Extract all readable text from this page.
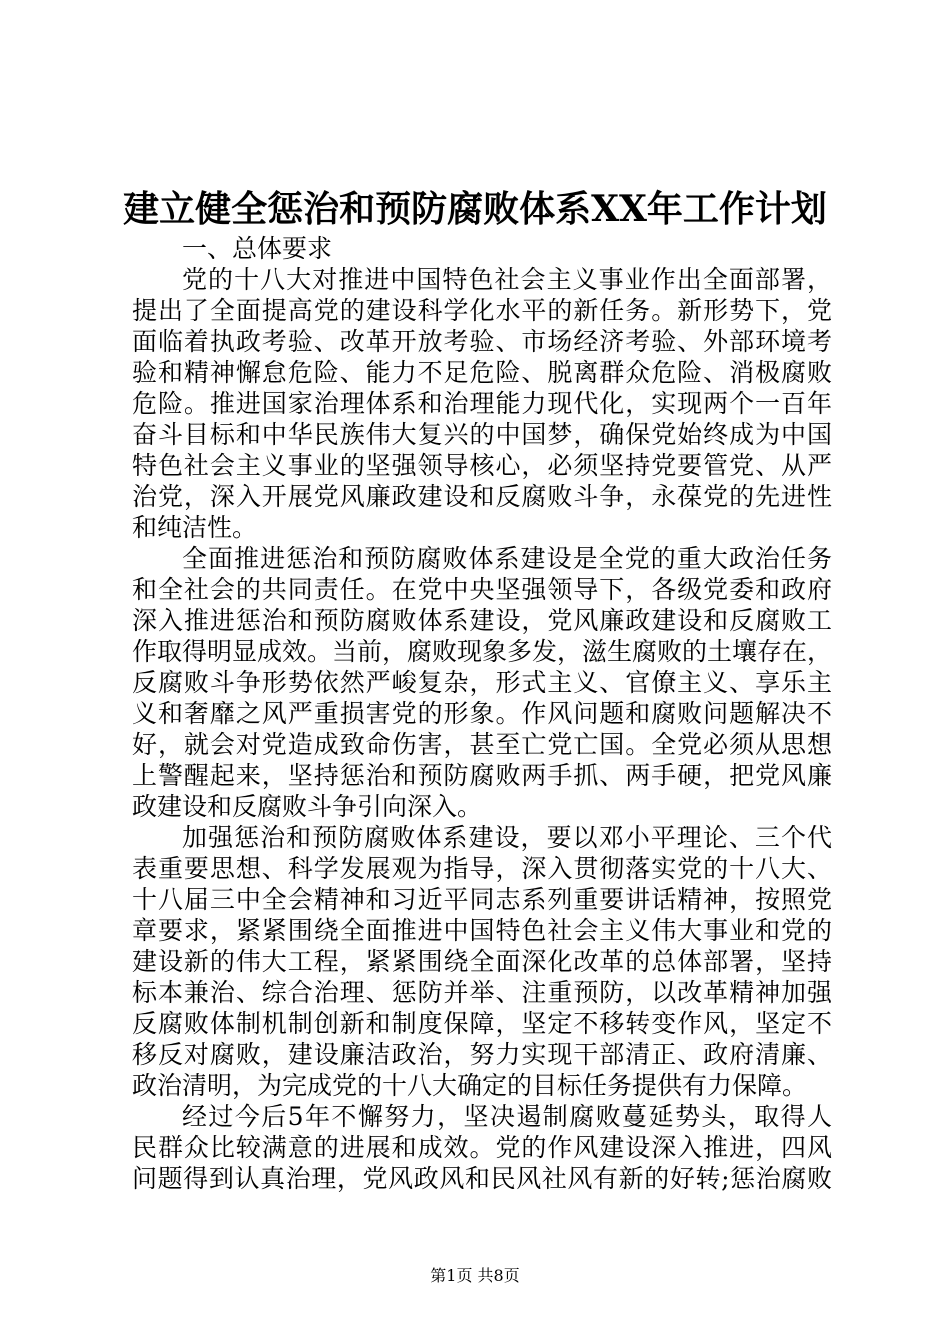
建立健全惩治和预防腐败体系XX年工作计划
一、总体要求
党的十八大对推进中国特色社会主义事业作出全面部署，
提出了全面提高党的建设科学化水平的新任务。新形势下，党
面临着执政考验、改革开放考验、市场经济考验、外部环境考
验和精神懈怠危险、能力不足危险、脱离群众危险、消极腐败
危险。推进国家治理体系和治理能力现代化，实现两个一百年
奋斗目标和中华民族伟大复兴的中国梦，确保党始终成为中国
特色社会主义事业的坚强领导核心，必须坚持党要管党、从严
治党，深入开展党风廉政建设和反腐败斗争，永葆党的先进性
和纯洁性。
全面推进惩治和预防腐败体系建设是全党的重大政治任务
和全社会的共同责任。在党中央坚强领导下，各级党委和政府
深入推进惩治和预防腐败体系建设，党风廉政建设和反腐败工
作取得明显成效。当前，腐败现象多发，滋生腐败的土壤存在，
反腐败斗争形势依然严峻复杂，形式主义、官僚主义、享乐主
义和奢靡之风严重损害党的形象。作风问题和腐败问题解决不
好，就会对党造成致命伤害，甚至亡党亡国。全党必须从思想
上警醒起来，坚持惩治和预防腐败两手抓、两手硬，把党风廉
政建设和反腐败斗争引向深入。
加强惩治和预防腐败体系建设，要以邓小平理论、三个代
表重要思想、科学发展观为指导，深入贯彻落实党的十八大、
十八届三中全会精神和习近平同志系列重要讲话精神，按照党
章要求，紧紧围绕全面推进中国特色社会主义伟大事业和党的
建设新的伟大工程，紧紧围绕全面深化改革的总体部署，坚持
标本兼治、综合治理、惩防并举、注重预防，以改革精神加强
反腐败体制机制创新和制度保障，坚定不移转变作风，坚定不
移反对腐败，建设廉洁政治，努力实现干部清正、政府清廉、
政治清明，为完成党的十八大确定的目标任务提供有力保障。
经过今后5年不懈努力，坚决遏制腐败蔓延势头，取得人
民群众比较满意的进展和成效。党的作风建设深入推进，四风
问题得到认真治理，党风政风和民风社风有新的好转;惩治腐败
第1页 共8页
